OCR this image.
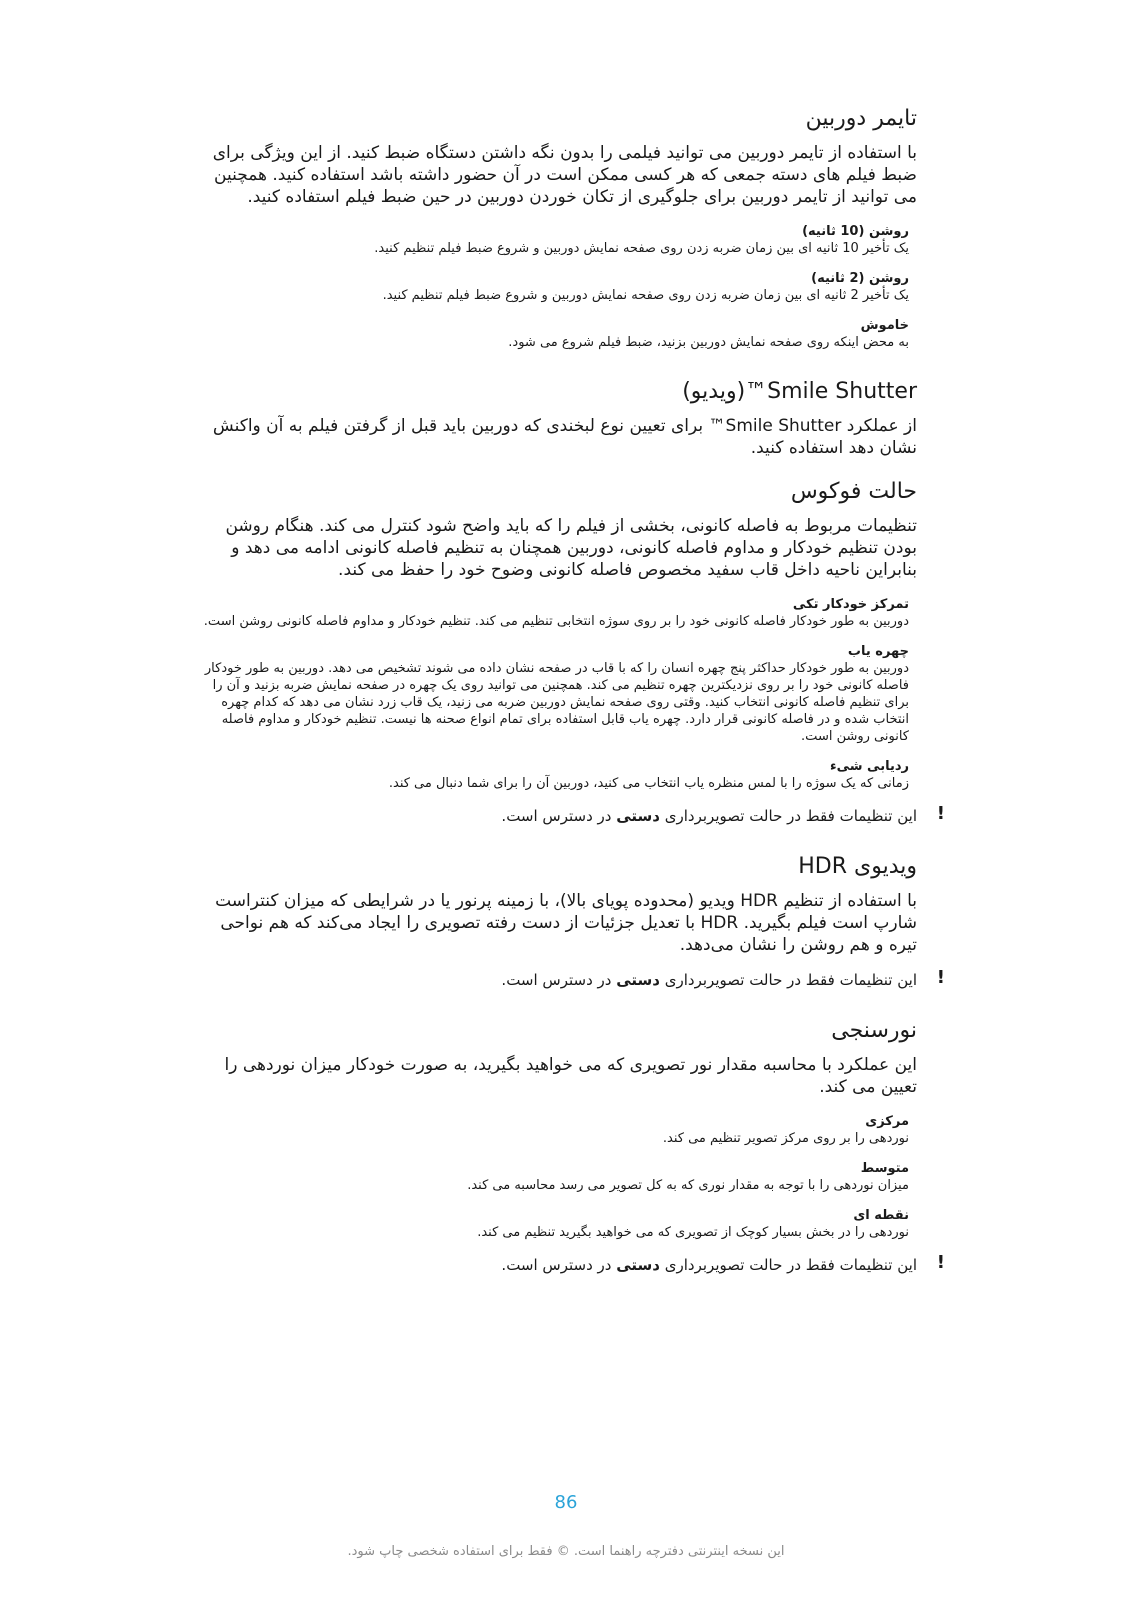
تایمر دوربین

با استفاده از تایمر دوربین می توانید فیلمی را بدون نگه داشتن دستگاه ضبط کنید. از این ویژگی برای ضبط فیلم های دسته جمعی که هر کسی ممکن است در آن حضور داشته باشد استفاده کنید. همچنین می توانید از تایمر دوربین برای جلوگیری از تکان خوردن دوربین در حین ضبط فیلم استفاده کنید.

روشن (10 ثانیه)
یک تأخیر 10 ثانیه ای بین زمان ضربه زدن روی صفحه نمایش دوربین و شروع ضبط فیلم تنظیم کنید.
روشن (2 ثانیه)
یک تأخیر 2 ثانیه ای بین زمان ضربه زدن روی صفحه نمایش دوربین و شروع ضبط فیلم تنظیم کنید.
خاموش
به محض اینکه روی صفحه نمایش دوربین بزنید، ضبط فیلم شروع می شود.
Smile Shutter™(ویدیو)

از عملکرد Smile Shutter™ برای تعیین نوع لبخندی که دوربین باید قبل از گرفتن فیلم به آن واکنش نشان دهد استفاده کنید.

حالت فوکوس

تنظیمات مربوط به فاصله کانونی، بخشی از فیلم را که باید واضح شود کنترل می کند. هنگام روشن بودن تنظیم خودکار و مداوم فاصله کانونی، دوربین همچنان به تنظیم فاصله کانونی ادامه می دهد و بنابراین ناحیه داخل قاب سفید مخصوص فاصله کانونی وضوح خود را حفظ می کند.

تمرکز خودکار تکی
دوربین به طور خودکار فاصله کانونی خود را بر روی سوژه انتخابی تنظیم می کند. تنظیم خودکار و مداوم فاصله کانونی روشن است.
چهره یاب
دوربین به طور خودکار حداکثر پنج چهره انسان را که با قاب در صفحه نشان داده می شوند تشخیص می دهد. دوربین به طور خودکار فاصله کانونی خود را بر روی نزدیکترین چهره تنظیم می کند. همچنین می توانید روی یک چهره در صفحه نمایش ضربه بزنید و آن را برای تنظیم فاصله کانونی انتخاب کنید. وقتی روی صفحه نمایش دوربین ضربه می زنید، یک قاب زرد نشان می دهد که کدام چهره انتخاب شده و در فاصله کانونی قرار دارد. چهره یاب قابل استفاده برای تمام انواع صحنه ها نیست. تنظیم خودکار و مداوم فاصله کانونی روشن است.
ردیابی شیء
زمانی که یک سوژه را با لمس منظره یاب انتخاب می کنید، دوربین آن را برای شما دنبال می کند.
!
این تنظیمات فقط در حالت تصویربرداری دستی در دسترس است.
ویدیوی HDR

با استفاده از تنظیم HDR ویدیو (محدوده پویای بالا)، با زمینه پرنور یا در شرایطی که میزان کنتراست شارپ است فیلم بگیرید. HDR با تعدیل جزئیات از دست رفته تصویری را ایجاد می‌کند که هم نواحی تیره و هم روشن را نشان می‌دهد.

!
این تنظیمات فقط در حالت تصویربرداری دستی در دسترس است.
نورسنجی

این عملکرد با محاسبه مقدار نور تصویری که می خواهید بگیرید، به صورت خودکار میزان نوردهی را تعیین می کند.

مرکزی
نوردهی را بر روی مرکز تصویر تنظیم می کند.
متوسط
میزان نوردهی را با توجه به مقدار نوری که به کل تصویر می رسد محاسبه می کند.
نقطه ای
نوردهی را در بخش بسیار کوچک از تصویری که می خواهید بگیرید تنظیم می کند.
!
این تنظیمات فقط در حالت تصویربرداری دستی در دسترس است.
86
این نسخه اینترنتی دفترچه راهنما است. © فقط برای استفاده شخصی چاپ شود.
